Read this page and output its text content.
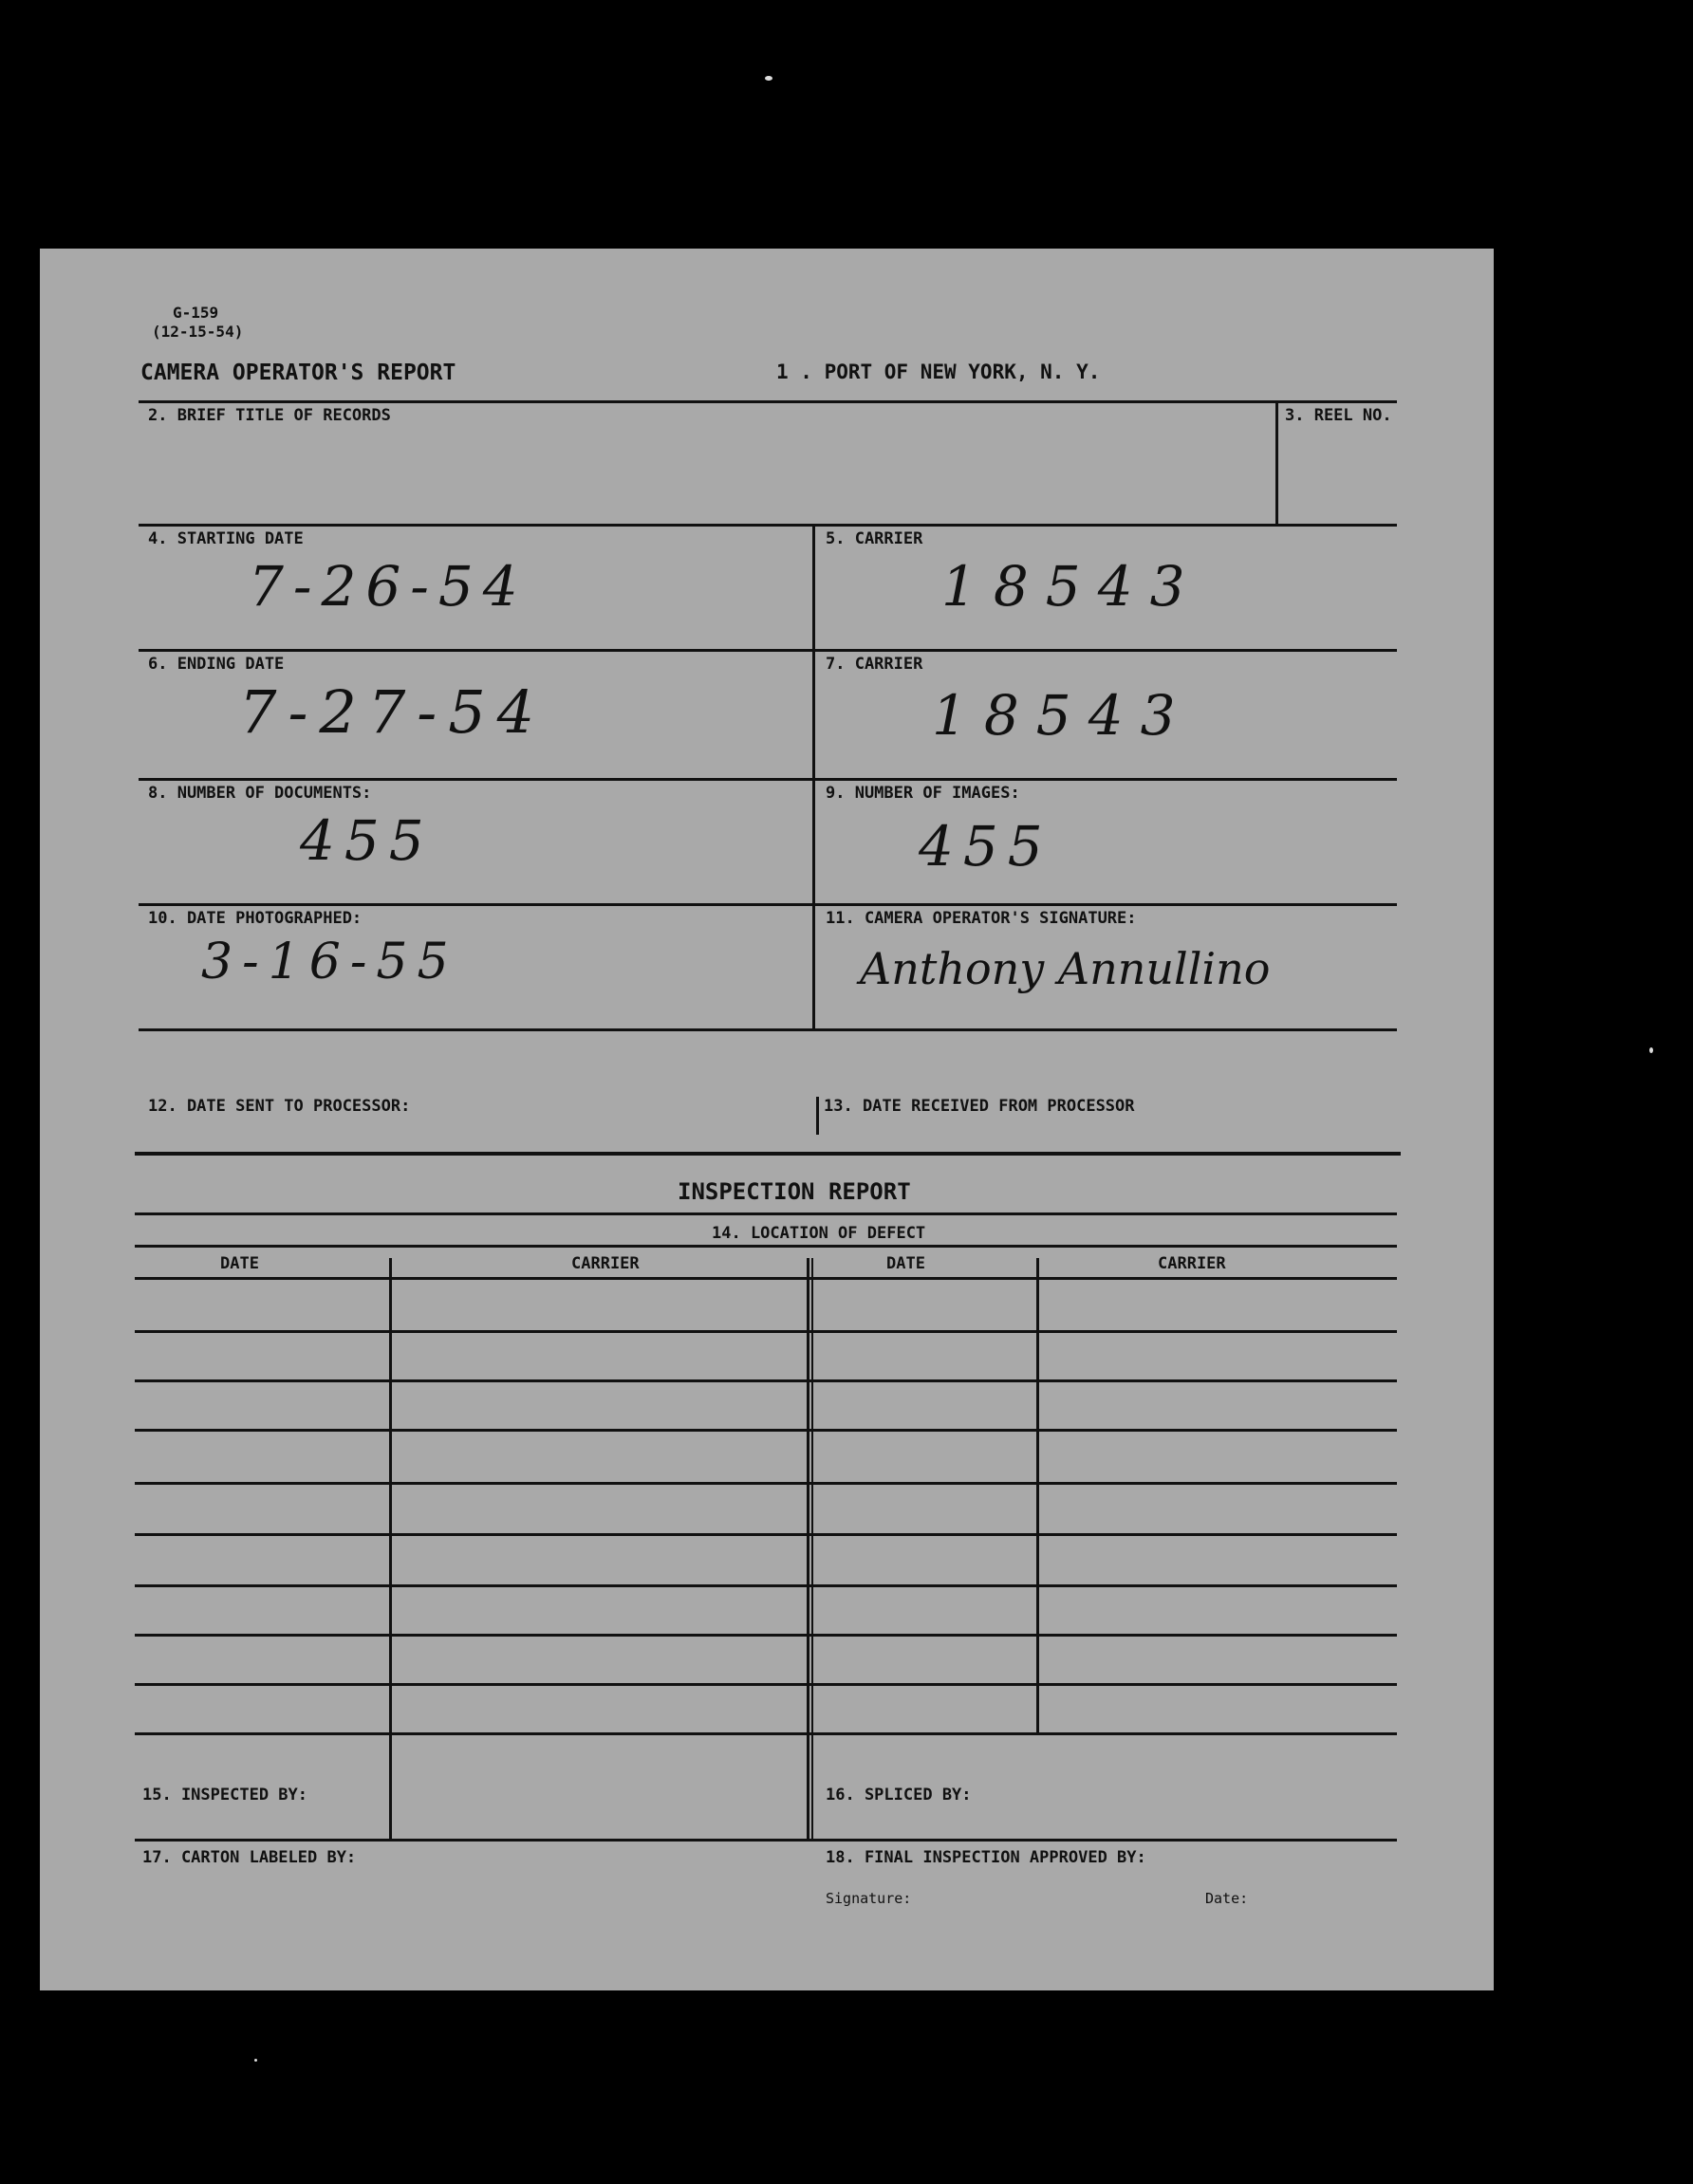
G-159
(12-15-54)
CAMERA OPERATOR'S REPORT	1 . PORT OF NEW YORK, N. Y.
2. BRIEF TITLE OF RECORDS	3. REEL NO.
4. STARTING DATE
7-26-54
5. CARRIER
18543
6. ENDING DATE
7-27-54
7. CARRIER
18543
8. NUMBER OF DOCUMENTS:
455
9. NUMBER OF IMAGES:
455
10. DATE PHOTOGRAPHED:
3-16-55
11. CAMERA OPERATOR'S SIGNATURE:
Anthony Annullino
12. DATE SENT TO PROCESSOR:	13. DATE RECEIVED FROM PROCESSOR
INSPECTION REPORT
14. LOCATION OF DEFECT
DATE	CARRIER	DATE	CARRIER
15. INSPECTED BY:	16. SPLICED BY:
17. CARTON LABELED BY:	18. FINAL INSPECTION APPROVED BY:
Signature:	Date:
